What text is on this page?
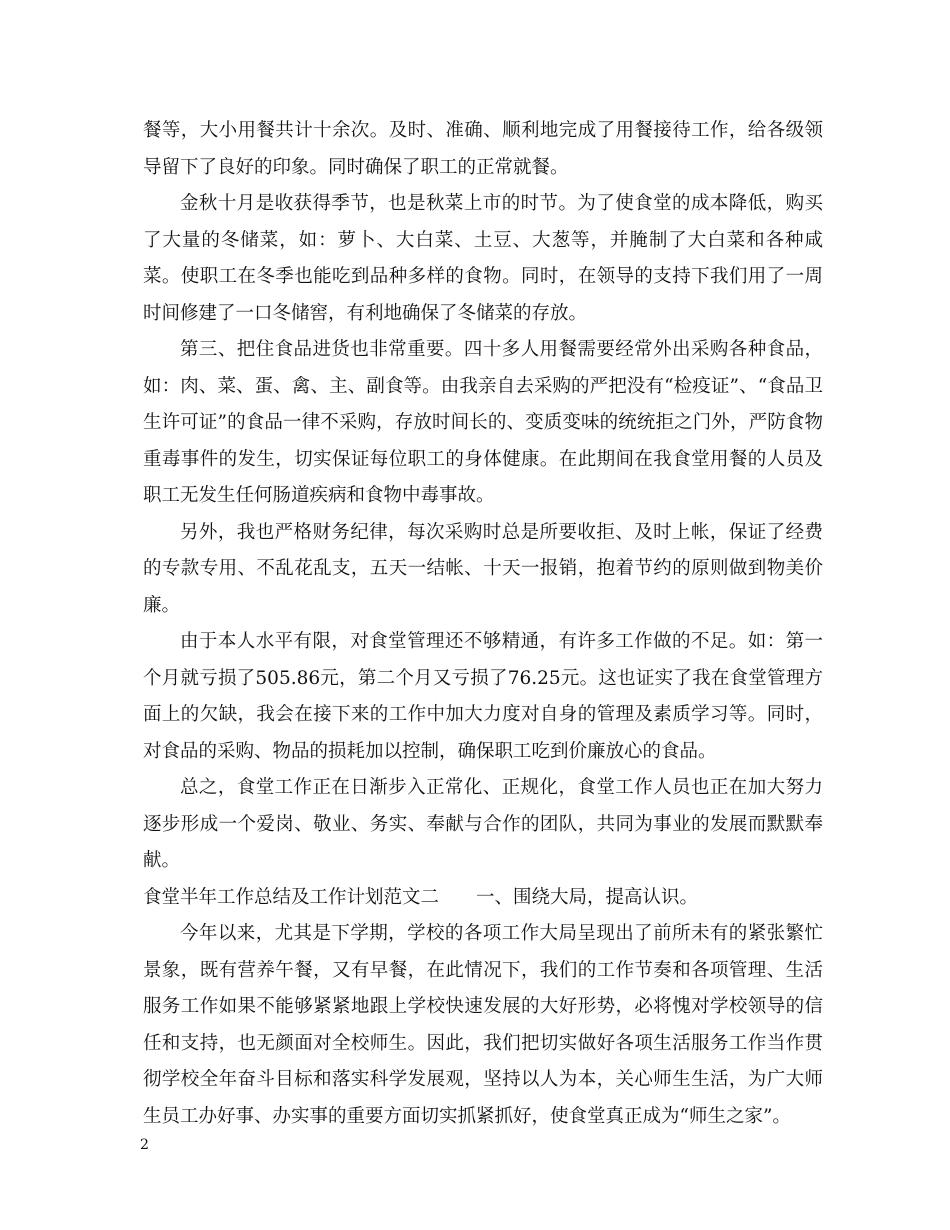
餐等，大小用餐共计十余次。及时、准确、顺利地完成了用餐接待工作，给各级领导留下了良好的印象。同时确保了职工的正常就餐。

金秋十月是收获得季节，也是秋菜上市的时节。为了使食堂的成本降低，购买了大量的冬储菜，如：萝卜、大白菜、土豆、大葱等，并腌制了大白菜和各种咸菜。使职工在冬季也能吃到品种多样的食物。同时，在领导的支持下我们用了一周时间修建了一口冬储窖，有利地确保了冬储菜的存放。

第三、把住食品进货也非常重要。四十多人用餐需要经常外出采购各种食品，如：肉、菜、蛋、禽、主、副食等。由我亲自去采购的严把没有“检疫证”、“食品卫生许可证”的食品一律不采购，存放时间长的、变质变味的统统拒之门外，严防食物重毒事件的发生，切实保证每位职工的身体健康。在此期间在我食堂用餐的人员及职工无发生任何肠道疾病和食物中毒事故。

另外，我也严格财务纪律，每次采购时总是所要收拒、及时上帐，保证了经费的专款专用、不乱花乱支，五天一结帐、十天一报销，抱着节约的原则做到物美价廉。

由于本人水平有限，对食堂管理还不够精通，有许多工作做的不足。如：第一个月就亏损了505.86元，第二个月又亏损了76.25元。这也证实了我在食堂管理方面上的欠缺，我会在接下来的工作中加大力度对自身的管理及素质学习等。同时，对食品的采购、物品的损耗加以控制，确保职工吃到价廉放心的食品。

总之，食堂工作正在日渐步入正常化、正规化，食堂工作人员也正在加大努力逐步形成一个爱岗、敬业、务实、奉献与合作的团队，共同为事业的发展而默默奉献。

食堂半年工作总结及工作计划范文二　　一、围绕大局，提高认识。

今年以来，尤其是下学期，学校的各项工作大局呈现出了前所未有的紧张繁忙景象，既有营养午餐，又有早餐，在此情况下，我们的工作节奏和各项管理、生活服务工作如果不能够紧紧地跟上学校快速发展的大好形势，必将愧对学校领导的信任和支持，也无颜面对全校师生。因此，我们把切实做好各项生活服务工作当作贯彻学校全年奋斗目标和落实科学发展观，坚持以人为本，关心师生生活，为广大师生员工办好事、办实事的重要方面切实抓紧抓好，使食堂真正成为“师生之家”。

2
